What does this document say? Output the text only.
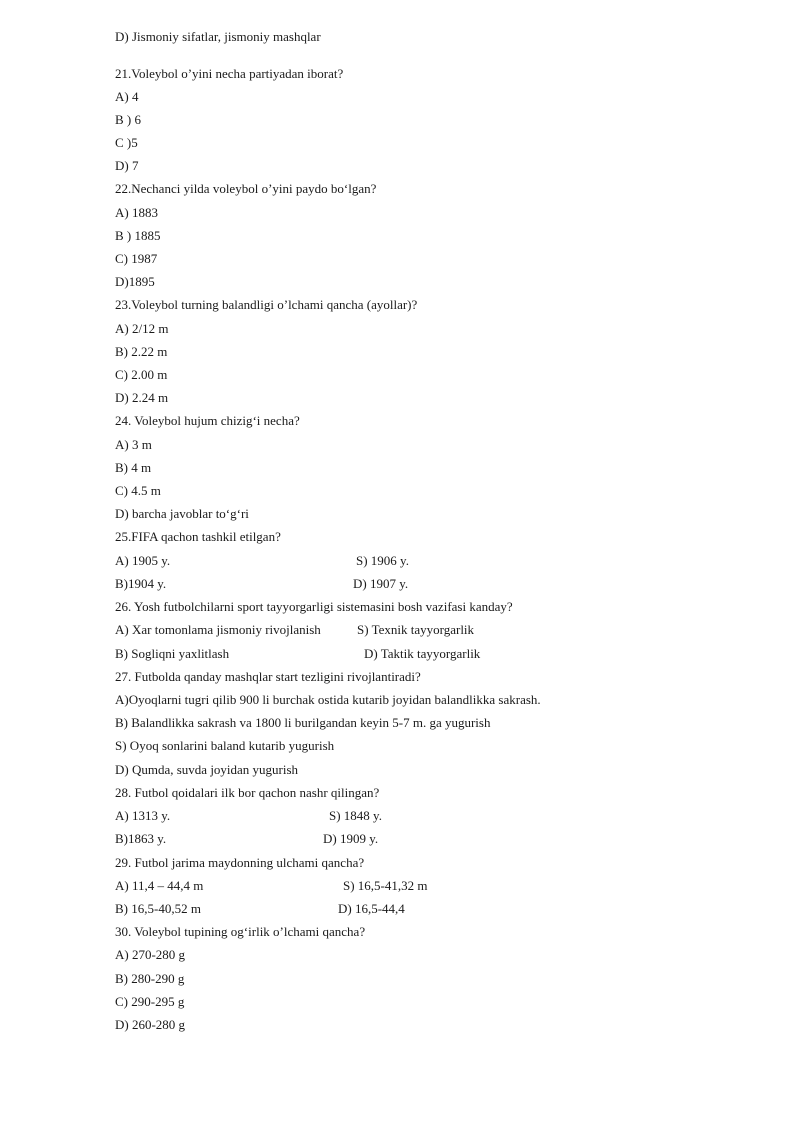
D) Jismoniy sifatlar, jismoniy mashqlar
21.Voleybol o’yini necha partiyadan iborat?
A) 4
B ) 6
C )5
D) 7
22.Nechanci yilda voleybol o’yini paydo bo‘lgan?
A) 1883
B ) 1885
C) 1987
D)1895
23.Voleybol turning balandligi o’lchami qancha (ayollar)?
A) 2/12 m
B) 2.22 m
C) 2.00 m
D) 2.24 m
24. Voleybol hujum chizig‘i necha?
A) 3 m
B) 4 m
C) 4.5 m
D) barcha javoblar to‘g‘ri
25.FIFA qachon tashkil etilgan?
A) 1905 y.	S) 1906 y.
B)1904 y.	D) 1907 y.
26. Yosh futbolchilarni sport tayyorgarligi sistemasini bosh vazifasi kanday?
A) Xar tomonlama jismoniy rivojlanish	S) Texnik tayyorgarlik
B) Sogliqni yaxlitlash	D) Taktik tayyorgarlik
27. Futbolda qanday mashqlar start tezligini rivojlantiradi?
A)Oyoqlarni tugri qilib 900 li burchak ostida kutarib joyidan balandlikka sakrash.
B) Balandlikka sakrash va 1800 li burilgandan keyin 5-7 m. ga yugurish
S) Oyoq sonlarini baland kutarib yugurish
D) Qumda, suvda joyidan yugurish
28. Futbol qoidalari ilk bor qachon nashr qilingan?
A) 1313 y.	S) 1848 y.
B)1863 y.	D) 1909 y.
29. Futbol jarima maydonning ulchami qancha?
A) 11,4 – 44,4 m	S) 16,5-41,32 m
B) 16,5-40,52 m	D) 16,5-44,4
30. Voleybol tupining og‘irlik o’lchami qancha?
A) 270-280 g
B) 280-290 g
C) 290-295 g
D) 260-280 g
